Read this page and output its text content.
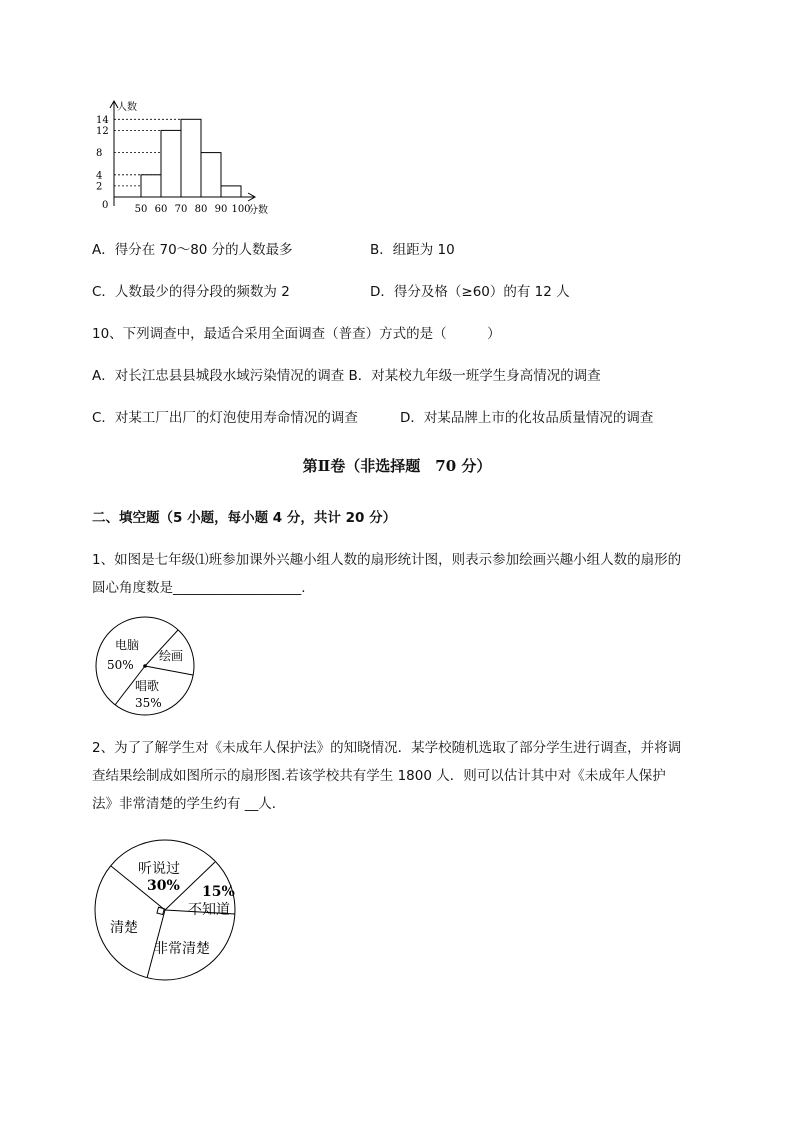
2
4
8
12
14
50 60 70 80 90 100
人数
分数
0
A．得分在 70～80 分的人数最多	B．组距为 10
C．人数最少的得分段的频数为 2	D．得分及格（≥60）的有 12 人
10、下列调查中，最适合采用全面调查（普查）方式的是（　　　）
A．对长江忠县县城段水域污染情况的调查 B．对某校九年级一班学生身高情况的调查
C．对某工厂出厂的灯泡使用寿命情况的调查	D．对某品牌上市的化妆品质量情况的调查
第Ⅱ卷（非选择题　70 分）
二、填空题（5 小题，每小题 4 分，共计 20 分）
1、如图是七年级⑴班参加课外兴趣小组人数的扇形统计图，则表示参加绘画兴趣小组人数的扇形的
圆心角度数是___________________.
电脑
50%
绘画
唱歌
35%
2、为了了解学生对《未成年人保护法》的知晓情况．某学校随机选取了部分学生进行调查，并将调
查结果绘制成如图所示的扇形图.若该学校共有学生 1800 人．则可以估计其中对《未成年人保护
法》非常清楚的学生约有 __人．
听说过
30% 15%
不知道
清楚
非常清楚
